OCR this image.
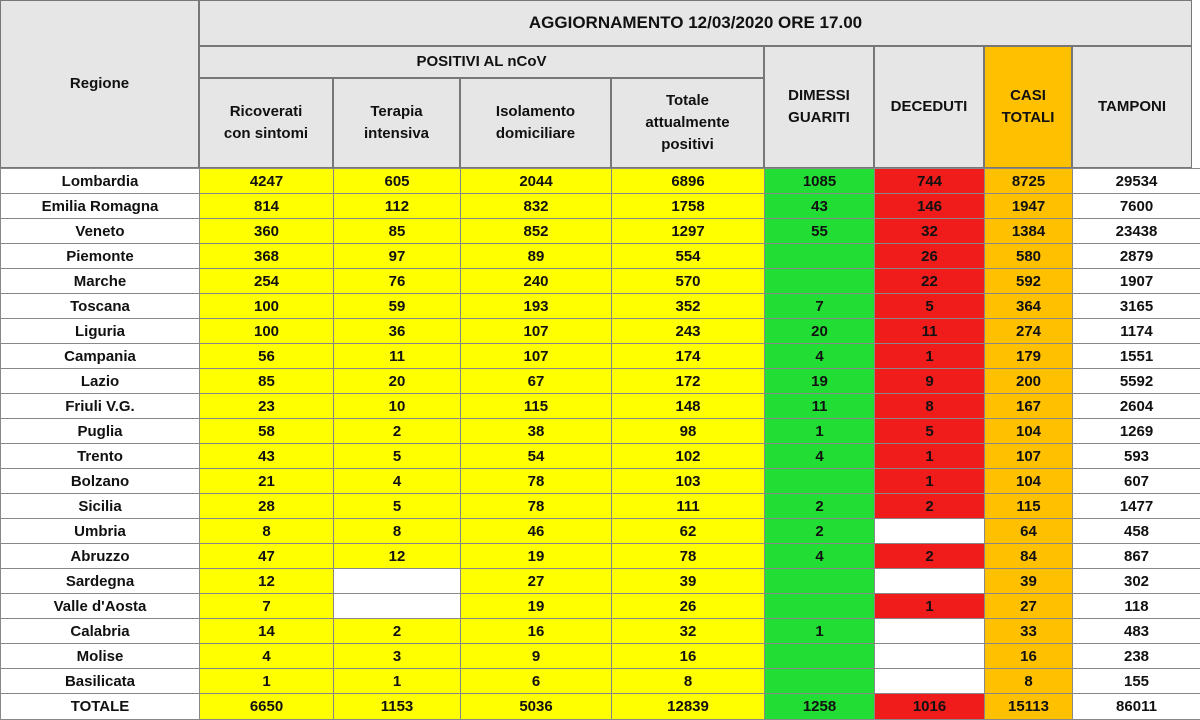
AGGIORNAMENTO 12/03/2020 ORE 17.00
Regione
POSITIVI AL nCoV
Ricoverati
con sintomi
Terapia
intensiva
Isolamento
domiciliare
Totale
attualmente
positivi
DIMESSI
GUARITI
DECEDUTI
CASI
TOTALI
TAMPONI
Lombardia	4247	605	2044	6896	1085	744	8725	29534
Emilia Romagna	814	112	832	1758	43	146	1947	7600
Veneto	360	85	852	1297	55	32	1384	23438
Piemonte	368	97	89	554		26	580	2879
Marche	254	76	240	570		22	592	1907
Toscana	100	59	193	352	7	5	364	3165
Liguria	100	36	107	243	20	11	274	1174
Campania	56	11	107	174	4	1	179	1551
Lazio	85	20	67	172	19	9	200	5592
Friuli V.G.	23	10	115	148	11	8	167	2604
Puglia	58	2	38	98	1	5	104	1269
Trento	43	5	54	102	4	1	107	593
Bolzano	21	4	78	103		1	104	607
Sicilia	28	5	78	111	2	2	115	1477
Umbria	8	8	46	62	2		64	458
Abruzzo	47	12	19	78	4	2	84	867
Sardegna	12		27	39			39	302
Valle d'Aosta	7		19	26		1	27	118
Calabria	14	2	16	32	1		33	483
Molise	4	3	9	16			16	238
Basilicata	1	1	6	8			8	155
TOTALE	6650	1153	5036	12839	1258	1016	15113	86011
